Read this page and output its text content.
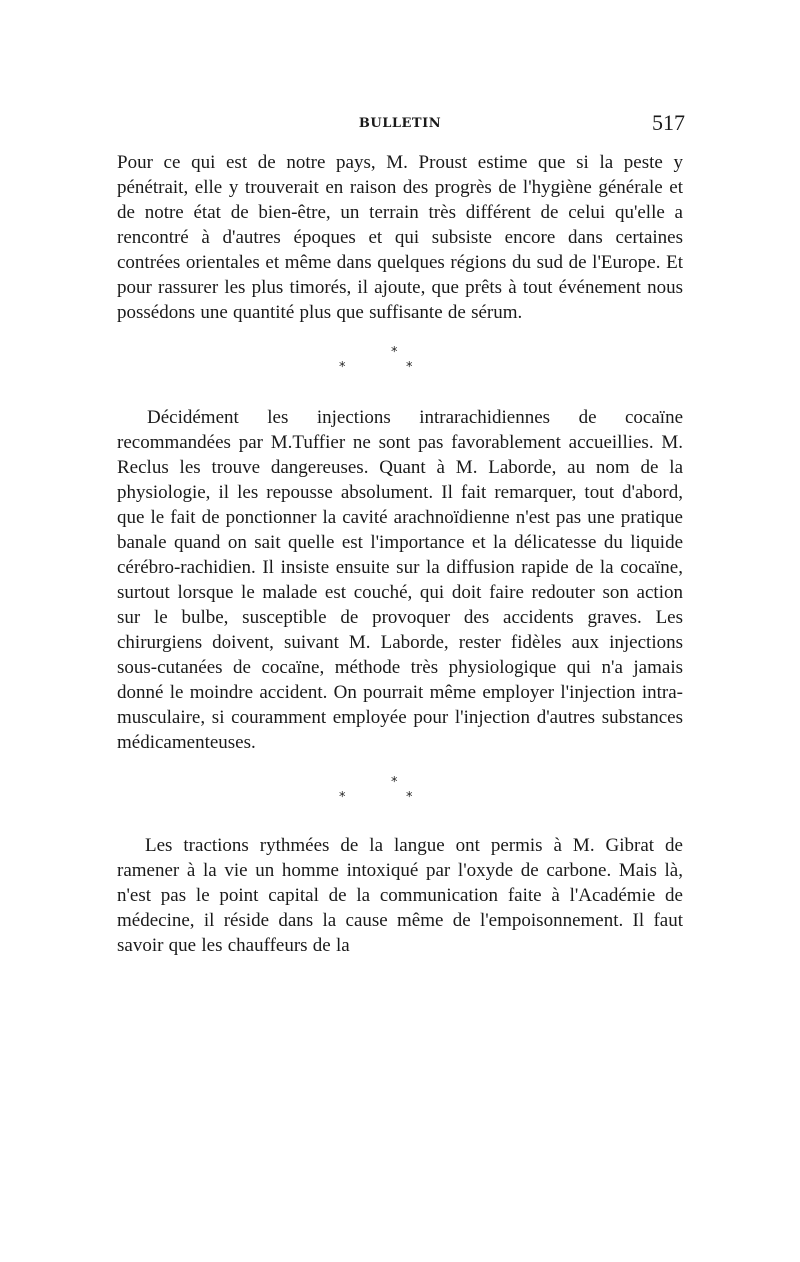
BULLETIN	517

Pour ce qui est de notre pays, M. Proust estime que si la peste y pénétrait, elle y trouverait en raison des progrès de l'hygiène générale et de notre état de bien-être, un terrain très différent de celui qu'elle a rencontré à d'autres époques et qui subsiste encore dans certaines contrées orientales et même dans quelques régions du sud de l'Europe. Et pour rassurer les plus timorés, il ajoute, que prêts à tout événement nous possédons une quantité plus que suffisante de sérum.

*
*	*

Décidément les injections intrarachidiennes de cocaïne recommandées par M.Tuffier ne sont pas favorablement accueillies. M. Reclus les trouve dangereuses. Quant à M. Laborde, au nom de la physiologie, il les repousse absolument. Il fait remarquer, tout d'abord, que le fait de ponctionner la cavité arachnoïdienne n'est pas une pratique banale quand on sait quelle est l'importance et la délicatesse du liquide cérébro-rachidien. Il insiste ensuite sur la diffusion rapide de la cocaïne, surtout lorsque le malade est couché, qui doit faire redouter son action sur le bulbe, susceptible de provoquer des accidents graves. Les chirurgiens doivent, suivant M. Laborde, rester fidèles aux injections sous-cutanées de cocaïne, méthode très physiologique qui n'a jamais donné le moindre accident. On pourrait même employer l'injection intra-musculaire, si couramment employée pour l'injection d'autres substances médicamenteuses.

*
*	*

Les tractions rythmées de la langue ont permis à M. Gibrat de ramener à la vie un homme intoxiqué par l'oxyde de carbone. Mais là, n'est pas le point capital de la communication faite à l'Académie de médecine, il réside dans la cause même de l'empoisonnement. Il faut savoir que les chauffeurs de la
